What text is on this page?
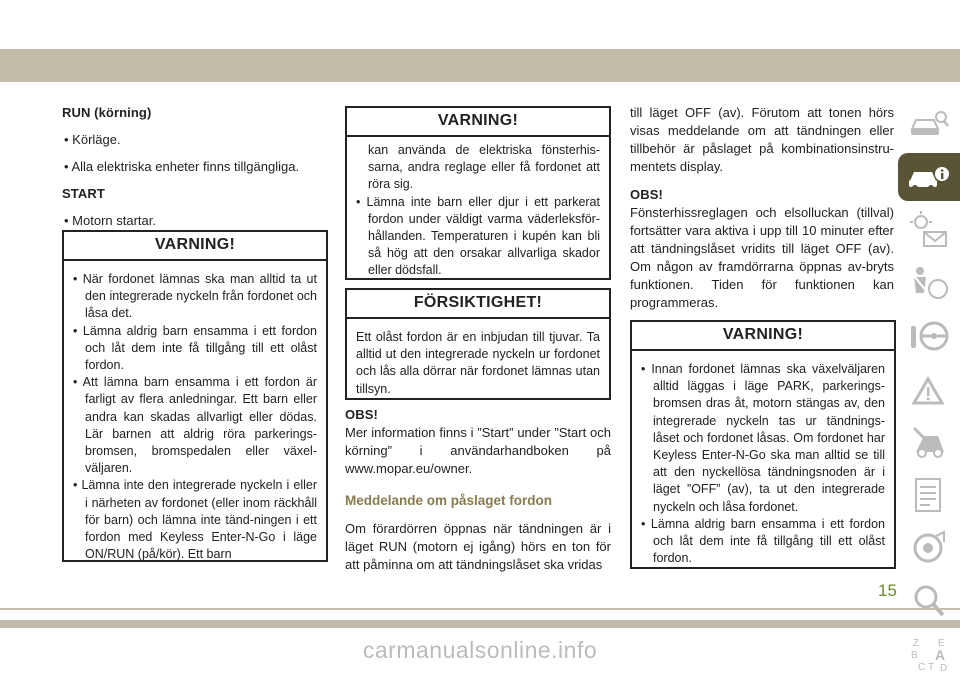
RUN (körning)

• Körläge.

• Alla elektriska enheter finns tillgängliga.

START

• Motorn startar.

VARNING!

• När fordonet lämnas ska man alltid ta ut den integrerade nyckeln från fordonet och låsa det.

• Lämna aldrig barn ensamma i ett fordon och låt dem inte få tillgång till ett olåst fordon.

• Att lämna barn ensamma i ett fordon är farligt av flera anledningar. Ett barn eller andra kan skadas allvarligt eller dödas. Lär barnen att aldrig röra parkerings-bromsen, bromspedalen eller växel-väljaren.

• Lämna inte den integrerade nyckeln i eller i närheten av fordonet (eller inom räckhåll för barn) och lämna inte tänd-ningen i ett fordon med Keyless Enter-N-Go i läge ON/RUN (på/kör). Ett barn

VARNING!

kan använda de elektriska fönsterhis-sarna, andra reglage eller få fordonet att röra sig.

• Lämna inte barn eller djur i ett parkerat fordon under väldigt varma väderleksför-hållanden. Temperaturen i kupén kan bli så hög att den orsakar allvarliga skador eller dödsfall.

FÖRSIKTIGHET!

Ett olåst fordon är en inbjudan till tjuvar. Ta alltid ut den integrerade nyckeln ur fordonet och lås alla dörrar när fordonet lämnas utan tillsyn.

OBS!

Mer information finns i ”Start” under ”Start och körning” i användarhandboken på www.mopar.eu/owner.

Meddelande om påslaget fordon

Om förardörren öppnas när tändningen är i läget RUN (motorn ej igång) hörs en ton för att påminna om att tändningslåset ska vridas

till läget OFF (av). Förutom att tonen hörs visas meddelande om att tändningen eller tillbehör är påslaget på kombinationsinstru-mentets display.

OBS!

Fönsterhissreglagen och elsolluckan (tillval) fortsätter vara aktiva i upp till 10 minuter efter att tändningslåset vridits till läget OFF (av). Om någon av framdörrarna öppnas av-bryts funktionen. Tiden för funktionen kan programmeras.

VARNING!

• Innan fordonet lämnas ska växelväljaren alltid läggas i läge PARK, parkerings-bromsen dras åt, motorn stängas av, den integrerade nyckeln tas ur tändnings-låset och fordonet låsas. Om fordonet har Keyless Enter-N-Go ska man alltid se till att den nyckellösa tändningsnoden är i läget ”OFF” (av), ta ut den integrerade nyckeln och låsa fordonet.

• Lämna aldrig barn ensamma i ett fordon och låt dem inte få tillgång till ett olåst fordon.

Z E
B A
C T D
15
carmanualsonline.info
